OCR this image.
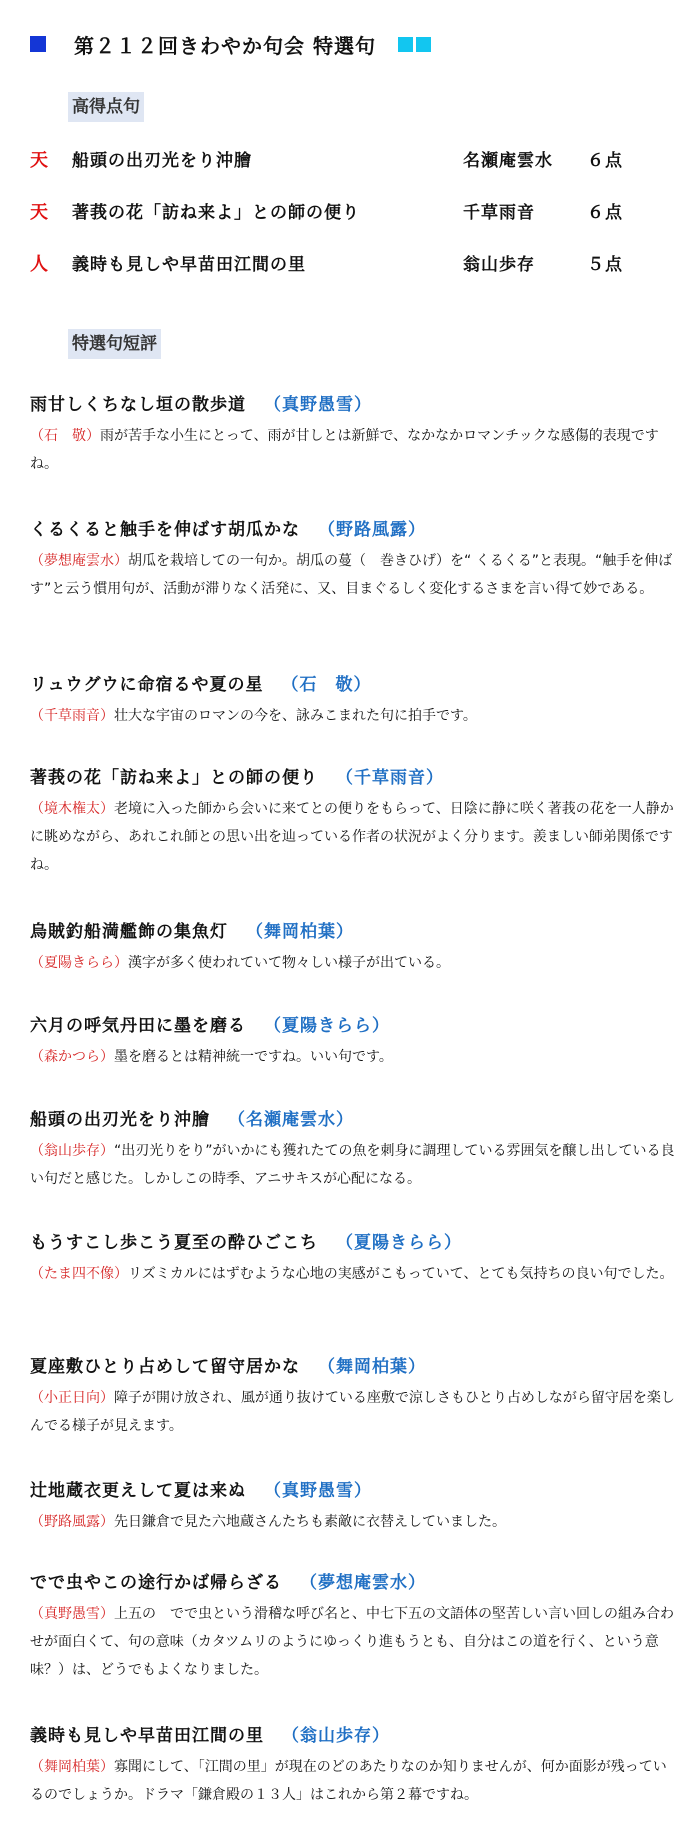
第２１２回きわやか句会 特選句
高得点句
天 船頭の出刃光をり沖膾	名瀬庵雲水 ６点
天 著莪の花「訪ね来よ」との師の便り	千草雨音	６点
人 義時も見しや早苗田江間の里	翁山歩存	５点
特選句短評
雨甘しくちなし垣の散歩道 （真野愚雪）
（石　敬）雨が苦手な小生にとって、雨が甘しとは新鮮で、なかなかロマンチックな感傷的表現ですね。
くるくると触手を伸ばす胡瓜かな （野路風露）
（夢想庵雲水）胡瓜を栽培しての一句か。胡瓜の蔓（　巻きひげ）を“ くるくる”と表現。“触手を伸ばす”と云う慣用句が、活動が滞りなく活発に、又、目まぐるしく変化するさまを言い得て妙である。
リュウグウに命宿るや夏の星 （石　敬）
（千草雨音）壮大な宇宙のロマンの今を、詠みこまれた句に拍手です。
著莪の花「訪ね来よ」との師の便り （千草雨音）
（境木権太）老境に入った師から会いに来てとの便りをもらって、日陰に静に咲く著莪の花を一人静かに眺めながら、あれこれ師との思い出を辿っている作者の状況がよく分ります。羨ましい師弟関係ですね。
烏賊釣船満艦飾の集魚灯 （舞岡柏葉）
（夏陽きらら）漢字が多く使われていて物々しい様子が出ている。
六月の呼気丹田に墨を磨る （夏陽きらら）
（森かつら）墨を磨るとは精神統一ですね。いい句です。
船頭の出刃光をり沖膾 （名瀬庵雲水）
（翁山歩存）“出刃光りをり”がいかにも獲れたての魚を刺身に調理している雰囲気を醸し出している良い句だと感じた。しかしこの時季、アニサキスが心配になる。
もうすこし歩こう夏至の酔ひごこち （夏陽きらら）
（たま四不像）リズミカルにはずむような心地の実感がこもっていて、とても気持ちの良い句でした。
夏座敷ひとり占めして留守居かな （舞岡柏葉）
（小正日向）障子が開け放され、風が通り抜けている座敷で涼しさもひとり占めしながら留守居を楽しんでる様子が見えます。
辻地蔵衣更えして夏は来ぬ （真野愚雪）
（野路風露）先日鎌倉で見た六地蔵さんたちも素敵に衣替えしていました。
でで虫やこの途行かば帰らざる （夢想庵雲水）
（真野愚雪）上五の　でで虫という滑稽な呼び名と、中七下五の文語体の堅苦しい言い回しの組み合わせが面白くて、句の意味（カタツムリのようにゆっくり進もうとも、自分はこの道を行く、という意味？）は、どうでもよくなりました。
義時も見しや早苗田江間の里 （翁山歩存）
（舞岡柏葉）寡聞にして、「江間の里」が現在のどのあたりなのか知りませんが、何か面影が残っているのでしょうか。ドラマ「鎌倉殿の１３人」はこれから第２幕ですね。
